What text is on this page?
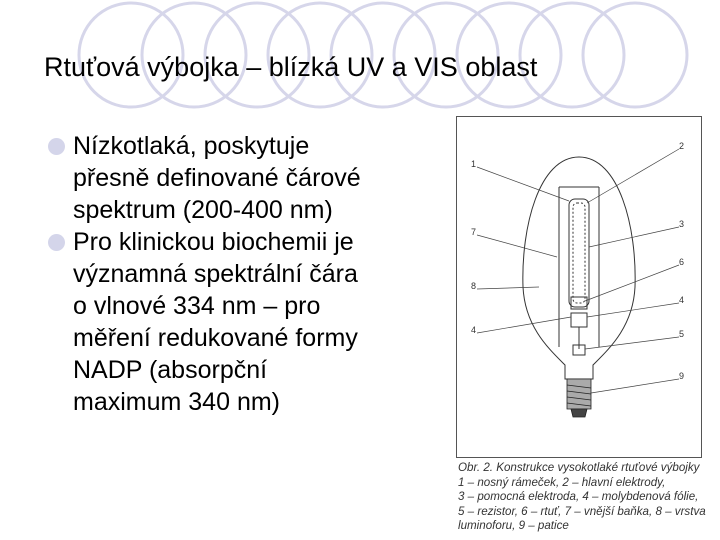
Rtuťová výbojka – blízká UV a VIS oblast
Nízkotlaká, poskytuje
přesně definované čárové
spektrum (200-400 nm)
Pro klinickou biochemii je
významná spektrální čára
o vlnové 334 nm – pro
měření redukované formy
NADP (absorpční
maximum 340 nm)
1
7
8
4
2
3
6
4
5
9
Obr. 2. Konstrukce vysokotlaké rtuťové výbojky
1 – nosný rámeček, 2 – hlavní elektrody,
3 – pomocná elektroda, 4 – molybdenová fólie,
5 – rezistor, 6 – rtuť, 7 – vnější baňka, 8 – vrstva
luminoforu, 9 – patice
